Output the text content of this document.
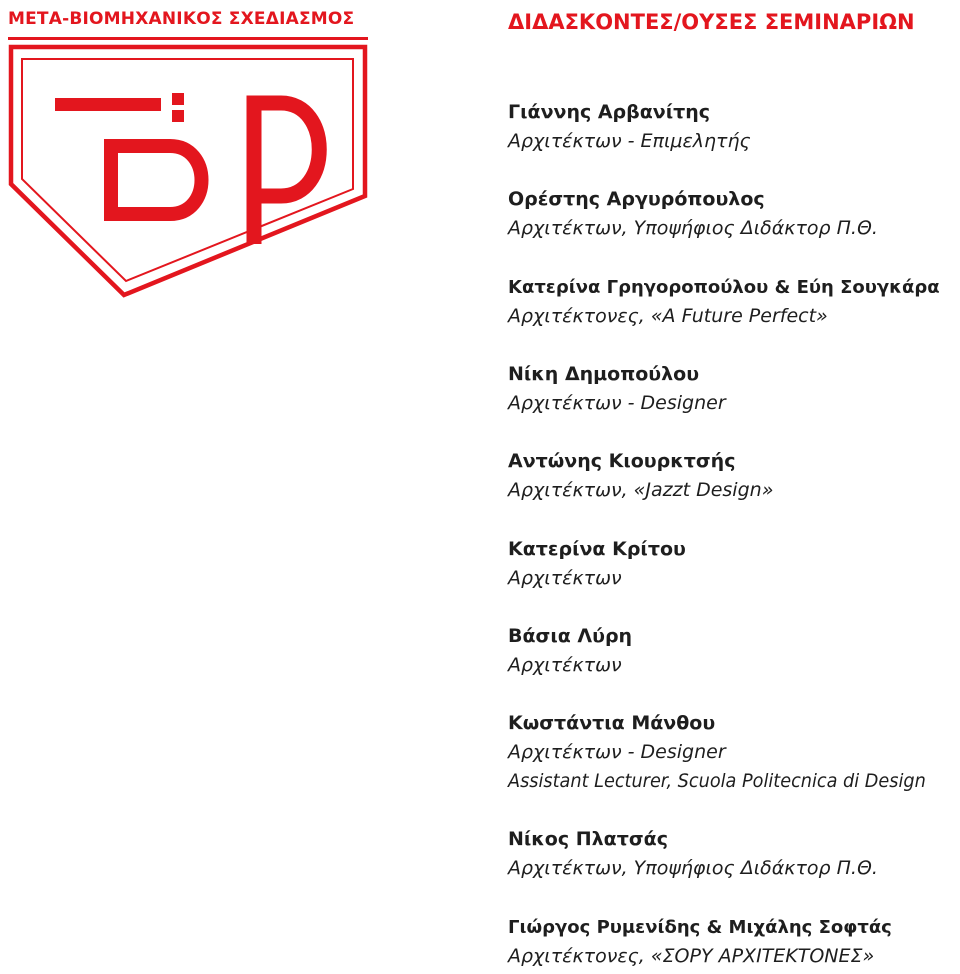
ΜΕΤΑ-ΒΙΟΜΗΧΑΝΙΚΟΣ ΣΧΕΔΙΑΣΜΟΣ	ΔΙΔΑΣΚΟΝΤΕΣ/ΟΥΣΕΣ ΣΕΜΙΝΑΡΙΩΝ
Γιάννης Αρβανίτης
Αρχιτέκτων - Επιμελητής
Ορέστης Αργυρόπουλος
Αρχιτέκτων, Υποψήφιος Διδάκτορ Π.Θ.
Κατερίνα Γρηγοροπούλου & Εύη Σουγκάρα
Αρχιτέκτονες, «A Future Perfect»
Νίκη Δημοπούλου
Αρχιτέκτων - Designer
Αντώνης Κιουρκτσής
Αρχιτέκτων, «Jazzt Design»
Κατερίνα Κρίτου
Αρχιτέκτων
Βάσια Λύρη
Αρχιτέκτων
Κωστάντια Μάνθου
Αρχιτέκτων - Designer
Assistant Lecturer, Scuola Politecnica di Design
Νίκος Πλατσάς
Αρχιτέκτων, Υποψήφιος Διδάκτορ Π.Θ.
Γιώργος Ρυμενίδης & Μιχάλης Σοφτάς
Αρχιτέκτονες, «ΣΟΡΥ ΑΡΧΙΤΕΚΤΟΝΕΣ»
